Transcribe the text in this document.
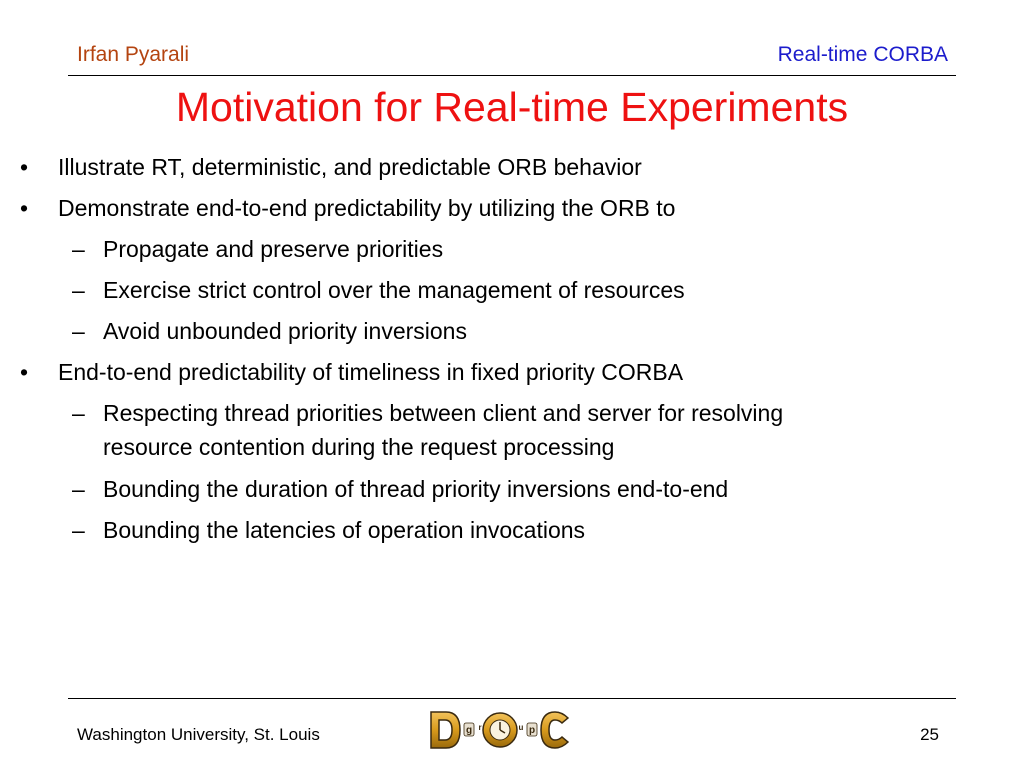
Irfan Pyarali	Real-time CORBA
Motivation for Real-time Experiments
• Illustrate RT, deterministic, and predictable ORB behavior
• Demonstrate end-to-end predictability by utilizing the ORB to
– Propagate and preserve priorities
– Exercise strict control over the management of resources
– Avoid unbounded priority inversions
• End-to-end predictability of timeliness in fixed priority CORBA
– Respecting thread priorities between client and server for resolving
resource contention during the request processing
– Bounding the duration of thread priority inversions end-to-end
– Bounding the latencies of operation invocations
Washington University, St. Louis	g r	u p	25
